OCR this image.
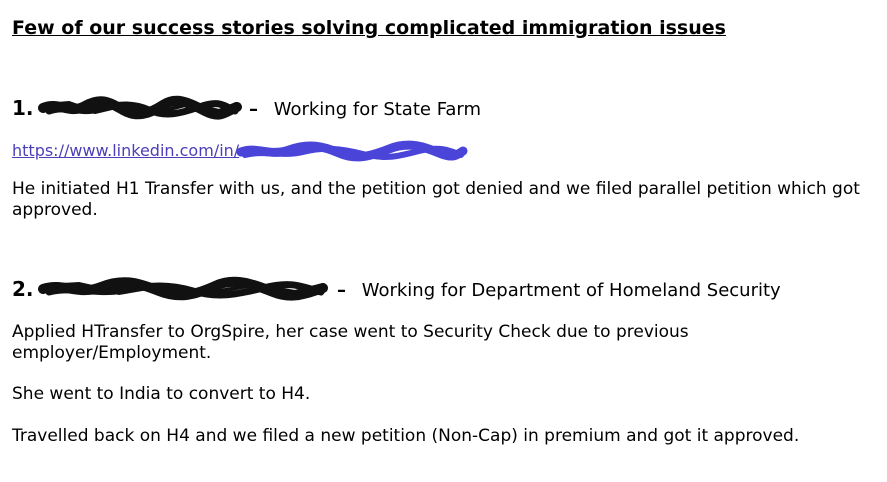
Few of our success stories solving complicated immigration issues
1.	– Working for State Farm
https://www.linkedin.com/in/

He initiated H1 Transfer with us, and the petition got denied and we filed parallel petition which got approved.

2.	– Working for Department of Homeland Security

Applied HTransfer to OrgSpire, her case went to Security Check due to previous employer/Employment.

She went to India to convert to H4.

Travelled back on H4 and we filed a new petition (Non-Cap) in premium and got it approved.
